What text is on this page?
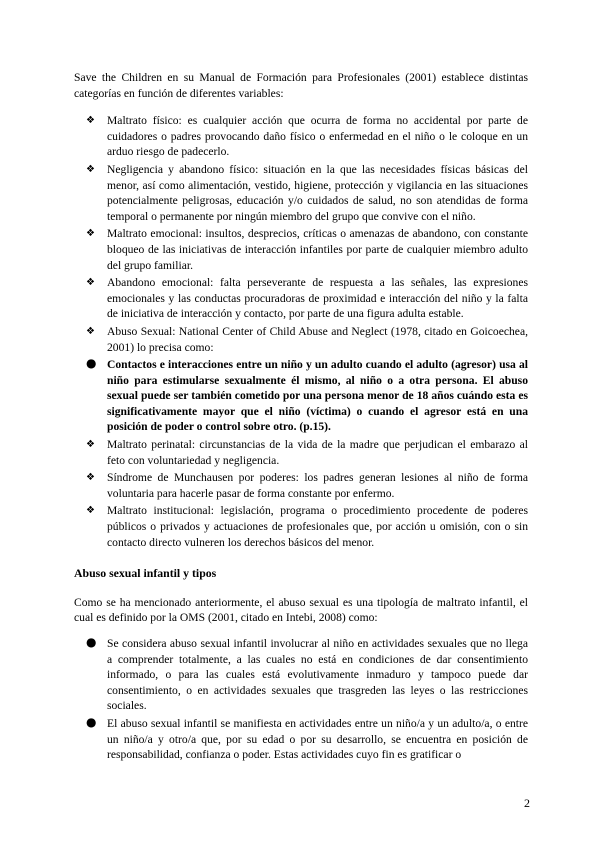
Save the Children en su Manual de Formación para Profesionales (2001) establece distintas categorías en función de diferentes variables:

❖	Maltrato físico: es cualquier acción que ocurra de forma no accidental por parte de cuidadores o padres provocando daño físico o enfermedad en el niño o le coloque en un arduo riesgo de padecerlo.
❖	Negligencia y abandono físico: situación en la que las necesidades físicas básicas del menor, así como alimentación, vestido, higiene, protección y vigilancia en las situaciones potencialmente peligrosas, educación y/o cuidados de salud, no son atendidas de forma temporal o permanente por ningún miembro del grupo que convive con el niño.
❖	Maltrato emocional: insultos, desprecios, críticas o amenazas de abandono, con constante bloqueo de las iniciativas de interacción infantiles por parte de cualquier miembro adulto del grupo familiar.
❖	Abandono emocional: falta perseverante de respuesta a las señales, las expresiones emocionales y las conductas procuradoras de proximidad e interacción del niño y la falta de iniciativa de interacción y contacto, por parte de una figura adulta estable.
❖	Abuso Sexual: National Center of Child Abuse and Neglect (1978, citado en Goicoechea, 2001) lo precisa como:
● Contactos e interacciones entre un niño y un adulto cuando el adulto (agresor) usa al niño para estimularse sexualmente él mismo, al niño o a otra persona. El abuso sexual puede ser también cometido por una persona menor de 18 años cuándo esta es significativamente mayor que el niño (víctima) o cuando el agresor está en una posición de poder o control sobre otro. (p.15).
❖	Maltrato perinatal: circunstancias de la vida de la madre que perjudican el embarazo al feto con voluntariedad y negligencia.
❖	Síndrome de Munchausen por poderes: los padres generan lesiones al niño de forma voluntaria para hacerle pasar de forma constante por enfermo.
❖	Maltrato institucional: legislación, programa o procedimiento procedente de poderes públicos o privados y actuaciones de profesionales que, por acción u omisión, con o sin contacto directo vulneren los derechos básicos del menor.
Abuso sexual infantil y tipos

Como se ha mencionado anteriormente, el abuso sexual es una tipología de maltrato infantil, el cual es definido por la OMS (2001, citado en Intebi, 2008) como:

● Se considera abuso sexual infantil involucrar al niño en actividades sexuales que no llega a comprender totalmente, a las cuales no está en condiciones de dar consentimiento informado, o para las cuales está evolutivamente inmaduro y tampoco puede dar consentimiento, o en actividades sexuales que trasgreden las leyes o las restricciones sociales.
● El abuso sexual infantil se manifiesta en actividades entre un niño/a y un adulto/a, o entre un niño/a y otro/a que, por su edad o por su desarrollo, se encuentra en posición de responsabilidad, confianza o poder. Estas actividades cuyo fin es gratificar o
2
